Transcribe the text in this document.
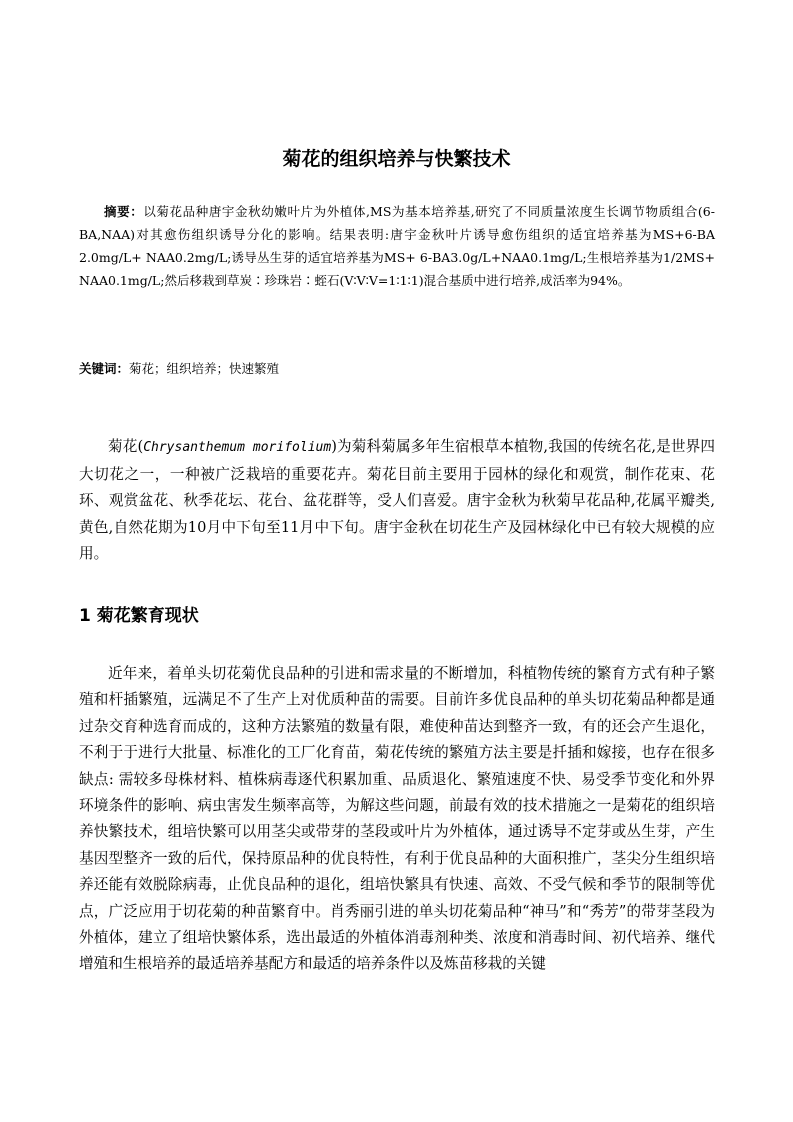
菊花的组织培养与快繁技术

摘要：以菊花品种唐宇金秋幼嫩叶片为外植体,MS为基本培养基,研究了不同质量浓度生长调节物质组合(6-BA,NAA)对其愈伤组织诱导分化的影响。结果表明:唐宇金秋叶片诱导愈伤组织的适宜培养基为MS+6-BA 2.0mg/L+ NAA0.2mg/L;诱导丛生芽的适宜培养基为MS+ 6-BA3.0g/L+NAA0.1mg/L;生根培养基为1/2MS+ NAA0.1mg/L;然后移栽到草炭∶珍珠岩∶蛭石(V∶V∶V=1∶1∶1)混合基质中进行培养,成活率为94%。

关键词：菊花；组织培养；快速繁殖

菊花(Chrysanthemum morifolium)为菊科菊属多年生宿根草本植物,我国的传统名花,是世界四大切花之一，一种被广泛栽培的重要花卉。菊花目前主要用于园林的绿化和观赏，制作花束、花环、观赏盆花、秋季花坛、花台、盆花群等，受人们喜爱。唐宇金秋为秋菊早花品种,花属平瓣类,黄色,自然花期为10月中下旬至11月中下旬。唐宇金秋在切花生产及园林绿化中已有较大规模的应用。

1 菊花繁育现状

近年来，着单头切花菊优良品种的引进和需求量的不断增加，科植物传统的繁育方式有种子繁殖和杆插繁殖，远满足不了生产上对优质种苗的需要。目前许多优良品种的单头切花菊品种都是通过杂交育种选育而成的，这种方法繁殖的数量有限，难使种苗达到整齐一致，有的还会产生退化，不利于于进行大批量、标准化的工厂化育苗，菊花传统的繁殖方法主要是扦插和嫁接，也存在很多缺点: 需较多母株材料、植株病毒逐代积累加重、品质退化、繁殖速度不快、易受季节变化和外界环境条件的影响、病虫害发生频率高等，为解这些问题，前最有效的技术措施之一是菊花的组织培养快繁技术，组培快繁可以用茎尖或带芽的茎段或叶片为外植体，通过诱导不定芽或丛生芽，产生基因型整齐一致的后代，保持原品种的优良特性，有利于优良品种的大面积推广，茎尖分生组织培养还能有效脱除病毒，止优良品种的退化，组培快繁具有快速、高效、不受气候和季节的限制等优点，广泛应用于切花菊的种苗繁育中。肖秀丽引进的单头切花菊品种“神马”和“秀芳”的带芽茎段为外植体，建立了组培快繁体系，选出最适的外植体消毒剂种类、浓度和消毒时间、初代培养、继代增殖和生根培养的最适培养基配方和最适的培养条件以及炼苗移栽的关键
